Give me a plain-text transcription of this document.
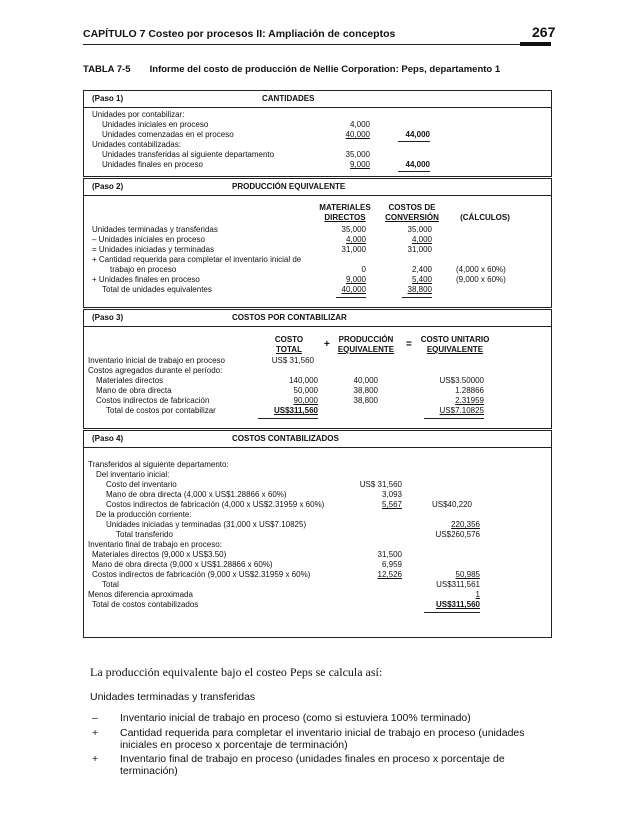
CAPÍTULO 7 Costeo por procesos II: Ampliación de conceptos	267
TABLA 7-5 Informe del costo de producción de Nellie Corporation: Peps, departamento 1
(Paso 1)	CANTIDADES
Unidades por contabilizar:
Unidades iniciales en proceso	4,000
Unidades comenzadas en el proceso	40,000	44,000
Unidades contabilizadas:
Unidades transferidas al siguiente departamento	35,000
Unidades finales en proceso	9,000	44,000
(Paso 2)	PRODUCCIÓN EQUIVALENTE
MATERIALES
DIRECTOS
COSTOS DE
CONVERSIÓN	(CÁLCULOS)
Unidades terminadas y transferidas	35,000	35,000
– Unidades iniciales en proceso	4,000	4,000
= Unidades iniciadas y terminadas	31,000	31,000
+ Cantidad requerida para completar el inventario inicial de
trabajo en proceso	0	2,400	(4,000 x 60%)
+ Unidades finales en proceso	9,000	5,400	(9,000 x 60%)
Total de unidades equivalentes	40,000	38,800
(Paso 3)	COSTOS POR CONTABILIZAR
COSTO
TOTAL	+	PRODUCCIÓN
EQUIVALENTE	=	COSTO UNITARIO
EQUIVALENTE
Inventario inicial de trabajo en proceso	US$ 31,560
Costos agregados durante el período:
Materiales directos	140,000	40,000	US$3.50000
Mano de obra directa	50,000	38,800	1.28866
Costos indirectos de fabricación	90,000	38,800	2.31959
Total de costos por contabilizar	US$311,560	US$7.10825
(Paso 4)	COSTOS CONTABILIZADOS
Transferidos al siguiente departamento:
Del inventario inicial:
Costo del inventario	US$ 31,560
Mano de obra directa (4,000 x US$1.28866 x 60%)	3,093
Costos indirectos de fabricación (4,000 x US$2.31959 x 60%)	5,567	US$40,220
De la producción corriente:
Unidades iniciadas y terminadas (31,000 x US$7.10825)	220,356
Total transferido	US$260,576
Inventario final de trabajo en proceso:
Materiales directos (9,000 x US$3.50)	31,500
Mano de obra directa (9,000 x US$1.28866 x 60%)	6,959
Costos indirectos de fabricación (9,000 x US$2.31959 x 60%)	12,526	50,985
Total	US$311,561
Menos diferencia aproximada	1
Total de costos contabilizados	US$311,560
La producción equivalente bajo el costeo Peps se calcula así:
Unidades terminadas y transferidas
– Inventario inicial de trabajo en proceso (como si estuviera 100% terminado)
+ Cantidad requerida para completar el inventario inicial de trabajo en proceso (unidades
iniciales en proceso x porcentaje de terminación)
+ Inventario final de trabajo en proceso (unidades finales en proceso x porcentaje de
terminación)
